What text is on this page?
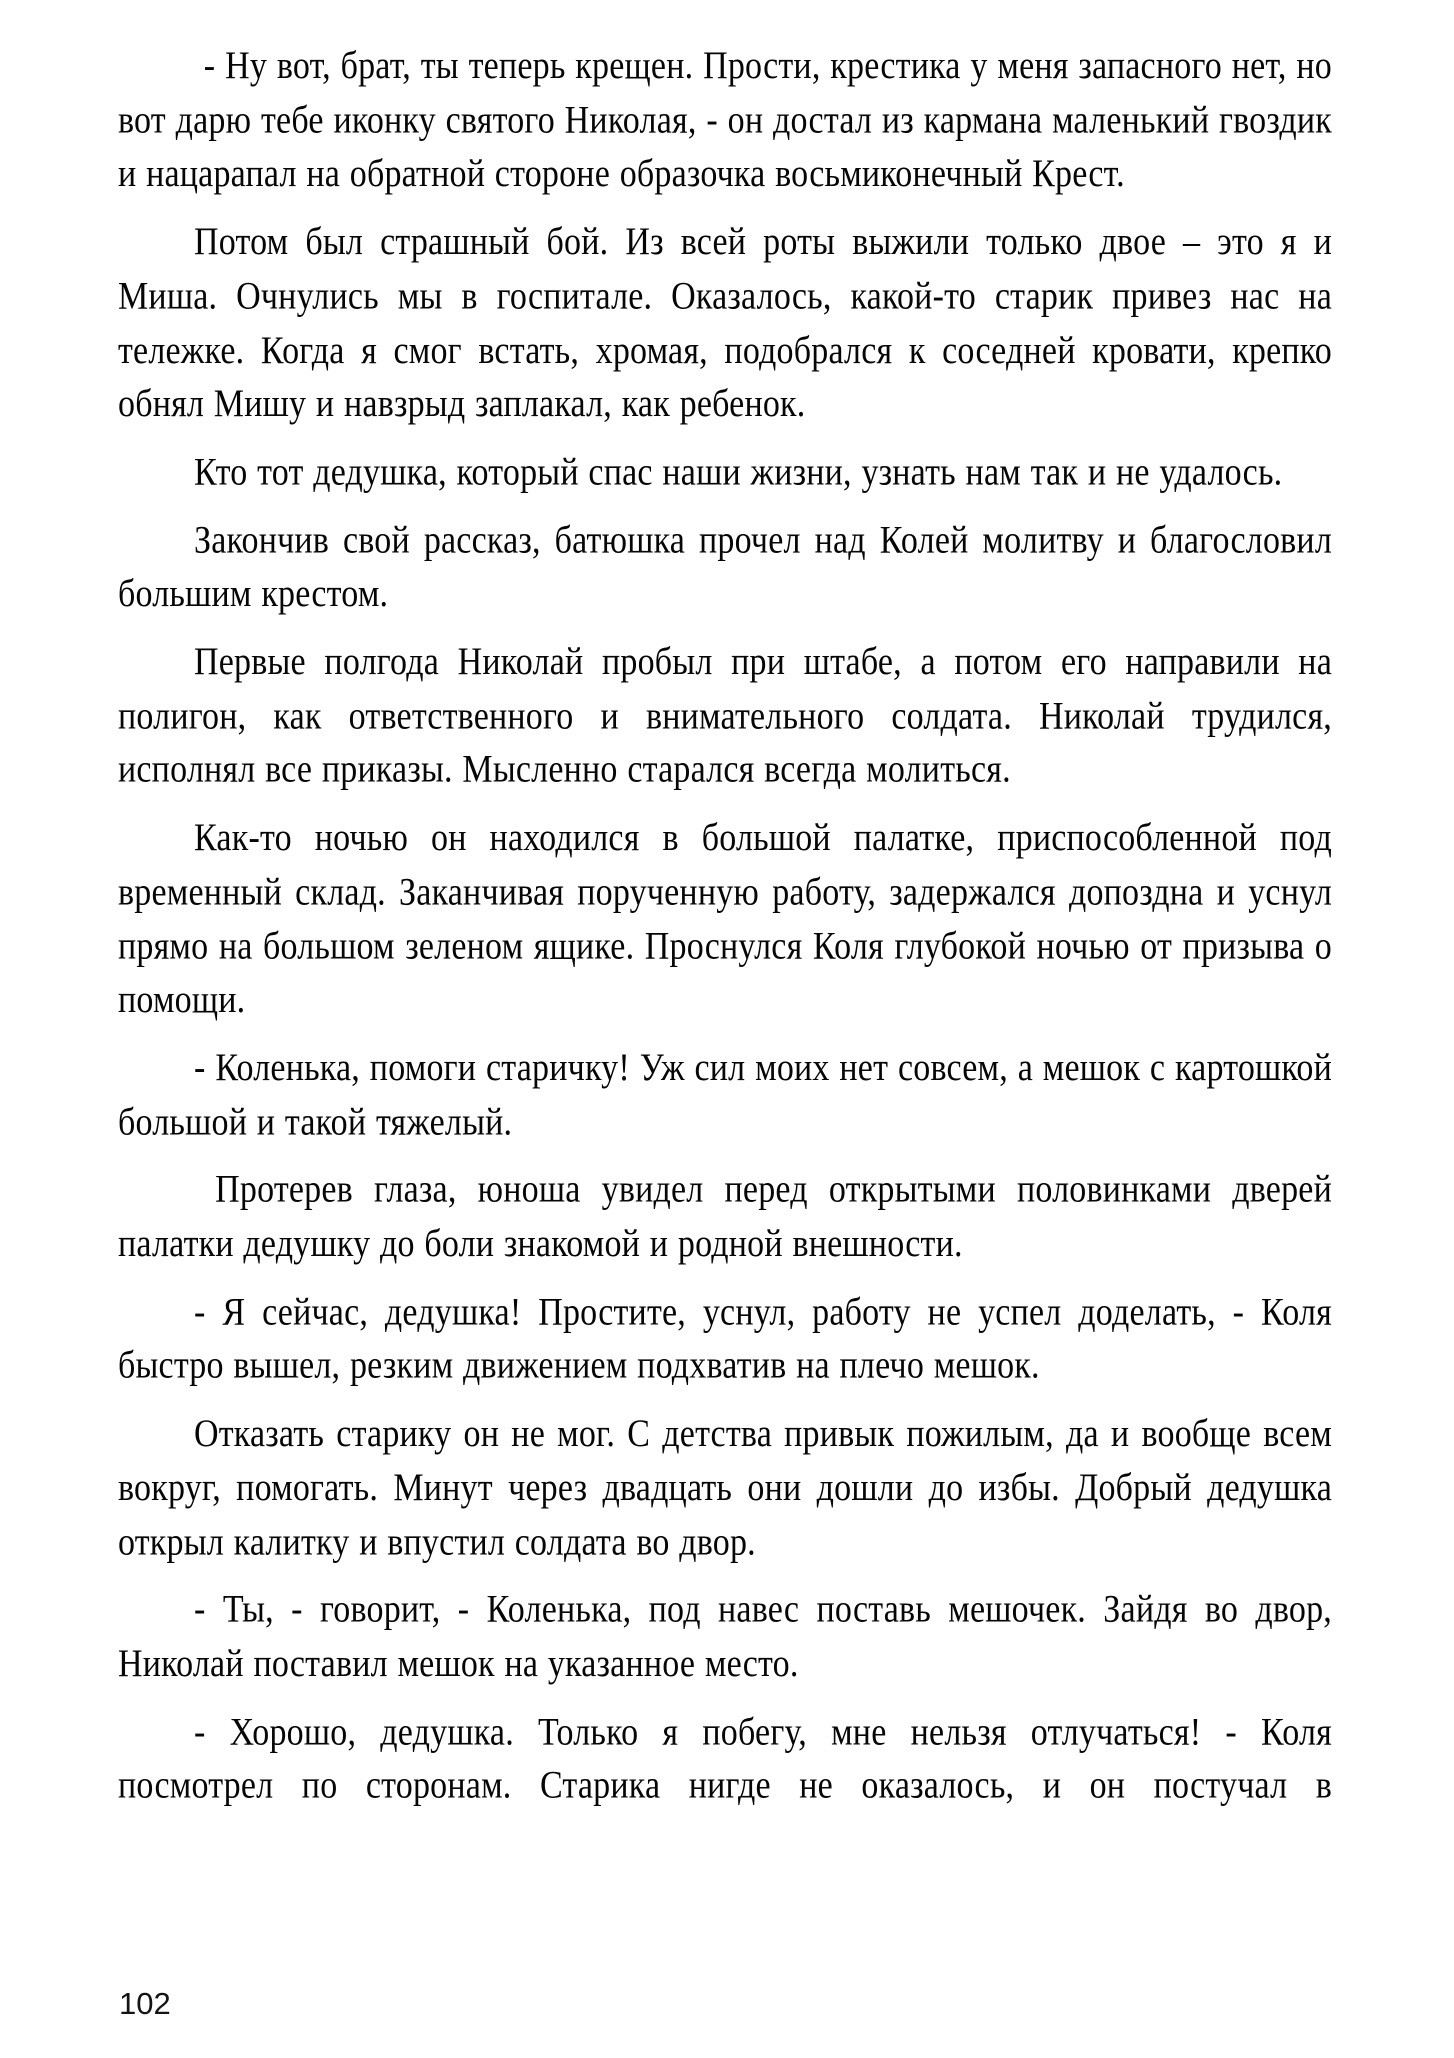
- Ну вот, брат, ты теперь крещен. Прости, крестика у меня запасного нет, но вот дарю тебе иконку святого Николая, - он достал из кармана маленький гвоздик и нацарапал на обратной стороне образочка восьмиконечный Крест.

Потом был страшный бой. Из всей роты выжили только двое – это я и Миша. Очнулись мы в госпитале. Оказалось, какой-то старик привез нас на тележке. Когда я смог встать, хромая, подобрался к соседней кровати, крепко обнял Мишу и навзрыд заплакал, как ребенок.

Кто тот дедушка, который спас наши жизни, узнать нам так и не удалось.

Закончив свой рассказ, батюшка прочел над Колей молитву и благословил большим крестом.

Первые полгода Николай пробыл при штабе, а потом его направили на полигон, как ответственного и внимательного солдата. Николай трудился, исполнял все приказы. Мысленно старался всегда молиться.

Как-то ночью он находился в большой палатке, приспособленной под временный склад. Заканчивая порученную работу, задержался допоздна и уснул прямо на большом зеленом ящике. Проснулся Коля глубокой ночью от призыва о помощи.

- Коленька, помоги старичку! Уж сил моих нет совсем, а мешок с картошкой большой и такой тяжелый.

Протерев глаза, юноша увидел перед открытыми половинками дверей палатки дедушку до боли знакомой и родной внешности.

- Я сейчас, дедушка! Простите, уснул, работу не успел доделать, - Коля быстро вышел, резким движением подхватив на плечо мешок.

Отказать старику он не мог. С детства привык пожилым, да и вообще всем вокруг, помогать. Минут через двадцать они дошли до избы. Добрый дедушка открыл калитку и впустил солдата во двор.

- Ты, - говорит, - Коленька, под навес поставь мешочек. Зайдя во двор, Николай поставил мешок на указанное место.

- Хорошо, дедушка. Только я побегу, мне нельзя отлучаться! - Коля посмотрел по сторонам. Старика нигде не оказалось, и он постучал в

102
